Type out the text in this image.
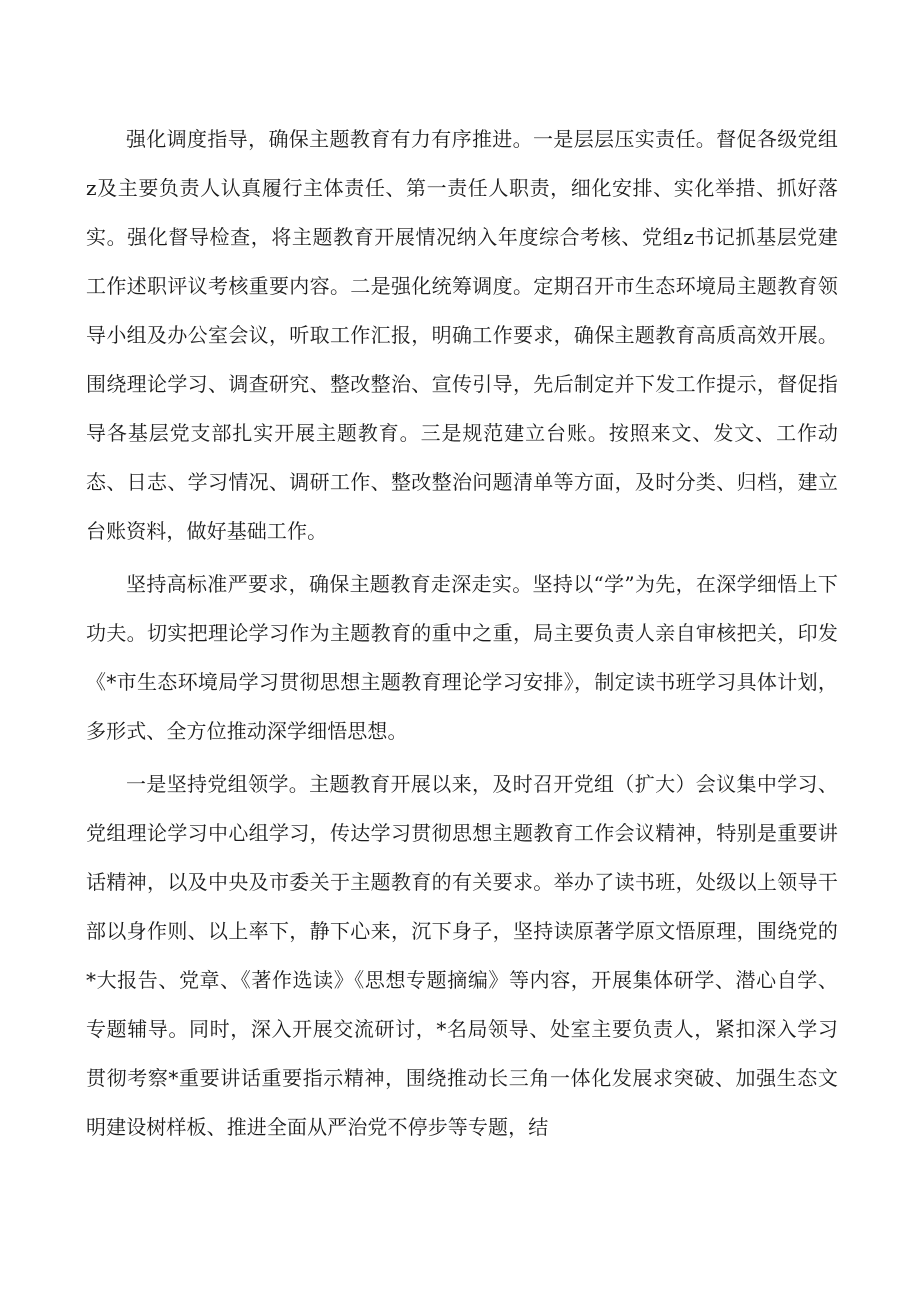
强化调度指导，确保主题教育有力有序推进。一是层层压实责任。督促各级党组z及主要负责人认真履行主体责任、第一责任人职责，细化安排、实化举措、抓好落实。强化督导检查，将主题教育开展情况纳入年度综合考核、党组z书记抓基层党建工作述职评议考核重要内容。二是强化统筹调度。定期召开市生态环境局主题教育领导小组及办公室会议，听取工作汇报，明确工作要求，确保主题教育高质高效开展。围绕理论学习、调查研究、整改整治、宣传引导，先后制定并下发工作提示，督促指导各基层党支部扎实开展主题教育。三是规范建立台账。按照来文、发文、工作动态、日志、学习情况、调研工作、整改整治问题清单等方面，及时分类、归档，建立台账资料，做好基础工作。

坚持高标准严要求，确保主题教育走深走实。坚持以“学”为先，在深学细悟上下功夫。切实把理论学习作为主题教育的重中之重，局主要负责人亲自审核把关，印发《*市生态环境局学习贯彻思想主题教育理论学习安排》，制定读书班学习具体计划，多形式、全方位推动深学细悟思想。

一是坚持党组领学。主题教育开展以来，及时召开党组（扩大）会议集中学习、党组理论学习中心组学习，传达学习贯彻思想主题教育工作会议精神，特别是重要讲话精神，以及中央及市委关于主题教育的有关要求。举办了读书班，处级以上领导干部以身作则、以上率下，静下心来，沉下身子，坚持读原著学原文悟原理，围绕党的*大报告、党章、《著作选读》《思想专题摘编》等内容，开展集体研学、潜心自学、专题辅导。同时，深入开展交流研讨，*名局领导、处室主要负责人，紧扣深入学习贯彻考察*重要讲话重要指示精神，围绕推动长三角一体化发展求突破、加强生态文明建设树样板、推进全面从严治党不停步等专题，结
